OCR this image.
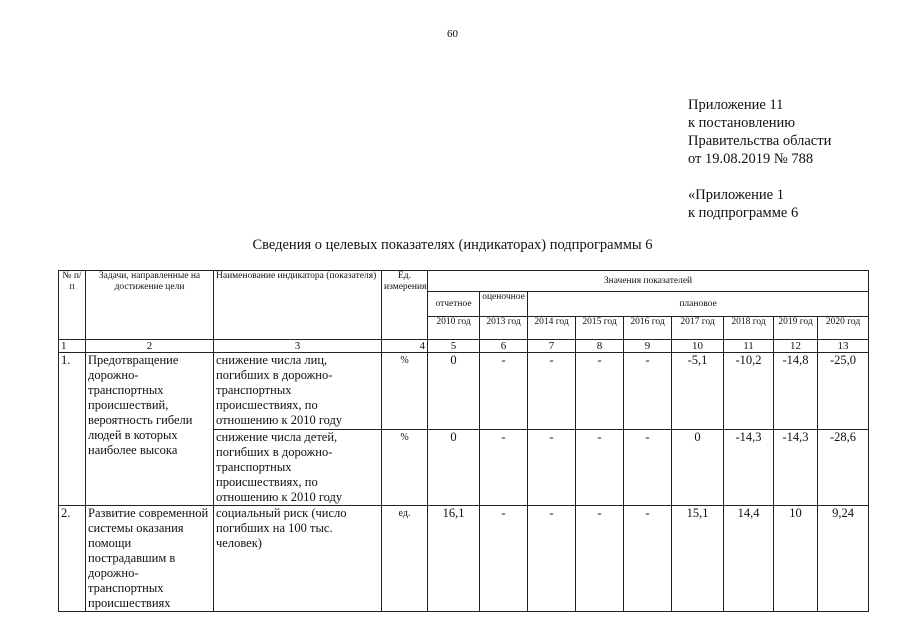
60
Приложение 11
к постановлению
Правительства области
от 19.08.2019 № 788
«Приложение 1
к подпрограмме 6
Сведения о целевых показателях (индикаторах) подпрограммы 6
№ п/п	Задачи, направленные на достижение цели	Наименование индикатора (показателя)	Ед. измерения	Значения показателей								
				отчетное	оценочное	плановое						
				2010 год	2013 год	2014 год	2015 год	2016 год	2017 год	2018 год	2019 год	2020 год
1	2	3	4	5	6	7	8	9	10	11	12	13
1.	Предотвращение дорожно-транспортных происшествий, вероятность гибели людей в которых наиболее высока	снижение числа лиц, погибших в дорожно-транспортных происшествиях, по отношению к 2010 году	%	0	-	-	-	-	-5,1	-10,2	-14,8	-25,0
		снижение числа детей, погибших в дорожно-транспортных происшествиях, по отношению к 2010 году	%	0	-	-	-	-	0	-14,3	-14,3	-28,6
2.	Развитие современной системы оказания помощи пострадавшим в дорожно-транспортных происшествиях	социальный риск (число погибших на 100 тыс. человек)	ед.	16,1	-	-	-	-	15,1	14,4	10	9,24
